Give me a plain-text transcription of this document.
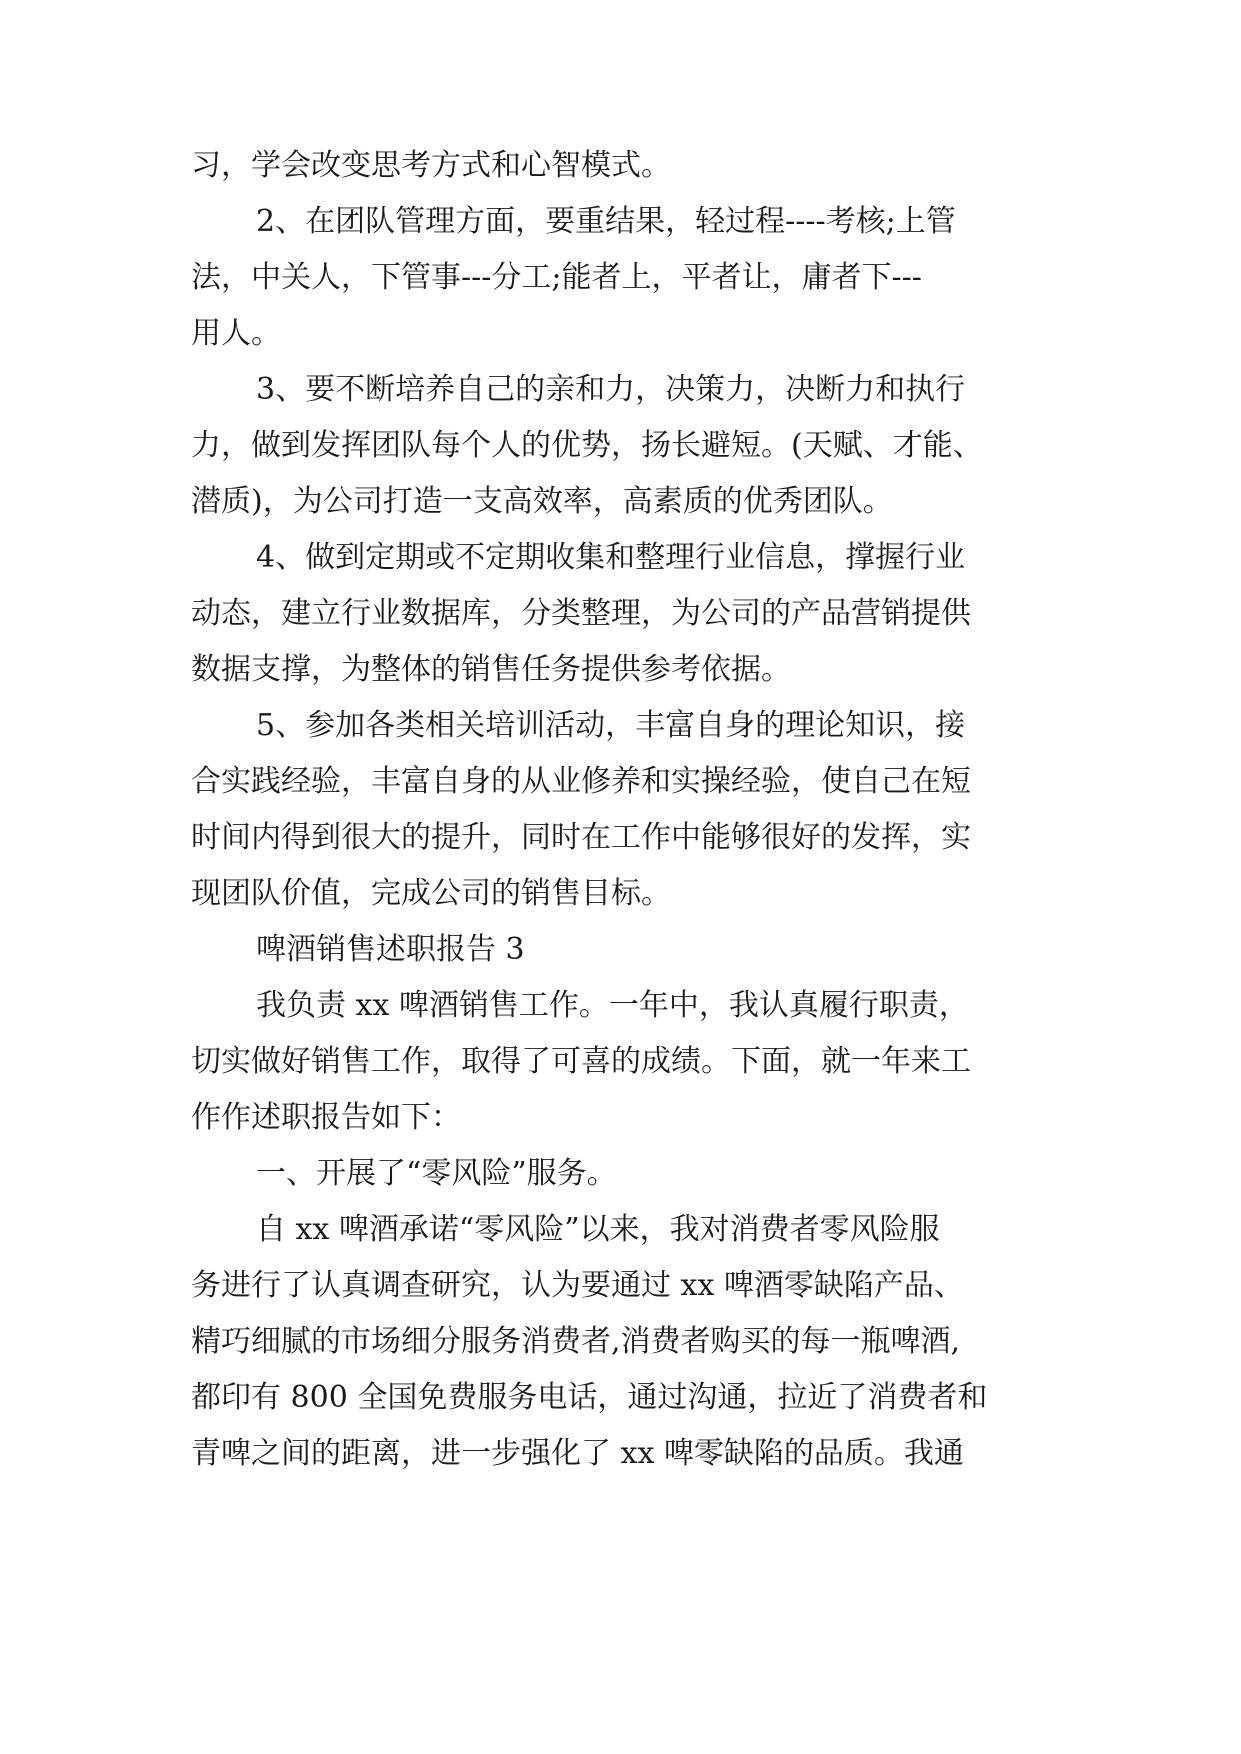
习，学会改变思考方式和心智模式。
2、在团队管理方面，要重结果，轻过程----考核;上管
法，中关人，下管事---分工;能者上，平者让，庸者下---
用人。
3、要不断培养自己的亲和力，决策力，决断力和执行
力，做到发挥团队每个人的优势，扬长避短。(天赋、才能、
潜质)，为公司打造一支高效率，高素质的优秀团队。
4、做到定期或不定期收集和整理行业信息，撑握行业
动态，建立行业数据库，分类整理，为公司的产品营销提供
数据支撑，为整体的销售任务提供参考依据。
5、参加各类相关培训活动，丰富自身的理论知识，接
合实践经验，丰富自身的从业修养和实操经验，使自己在短
时间内得到很大的提升，同时在工作中能够很好的发挥，实
现团队价值，完成公司的销售目标。
啤酒销售述职报告 3
我负责 xx 啤酒销售工作。一年中，我认真履行职责，
切实做好销售工作，取得了可喜的成绩。下面，就一年来工
作作述职报告如下：
一、开展了“零风险”服务。
自 xx 啤酒承诺“零风险”以来，我对消费者零风险服
务进行了认真调查研究，认为要通过 xx 啤酒零缺陷产品、
精巧细腻的市场细分服务消费者,消费者购买的每一瓶啤酒,
都印有 800 全国免费服务电话，通过沟通，拉近了消费者和
青啤之间的距离，进一步强化了 xx 啤零缺陷的品质。我通
